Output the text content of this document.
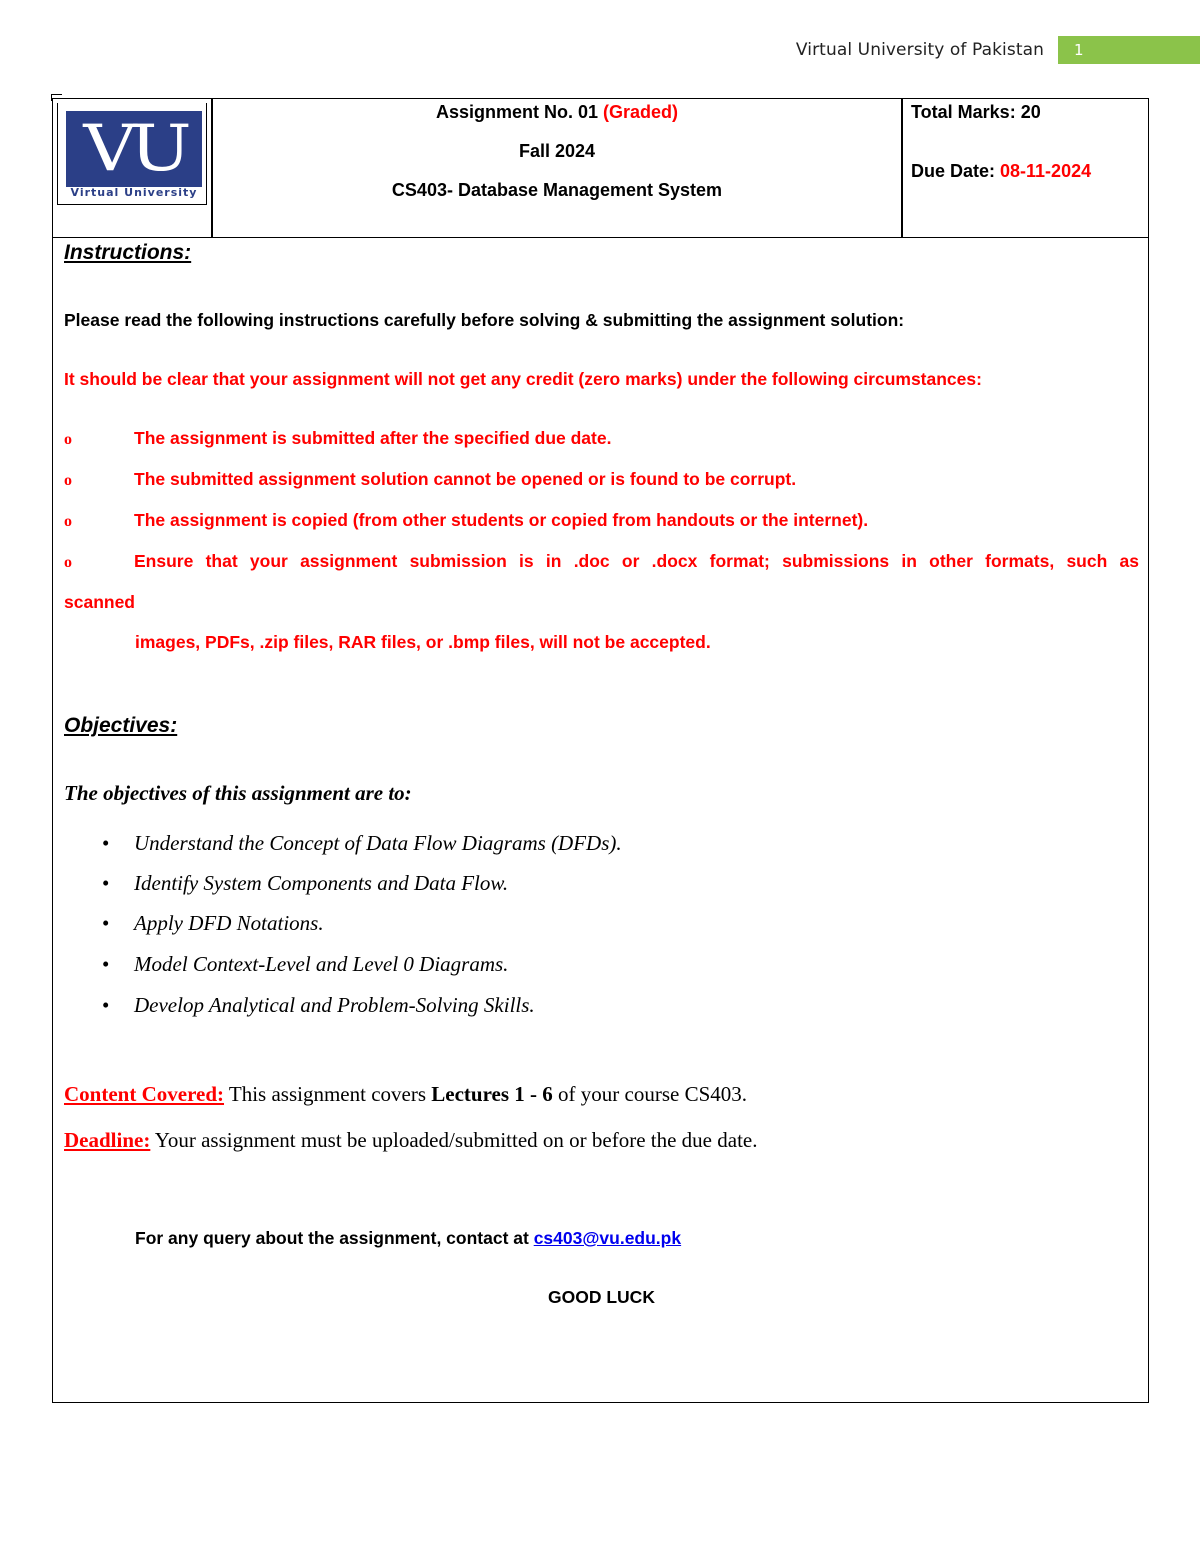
Virtual University of Pakistan	1
VU
Virtual University
Assignment No. 01 (Graded)
Fall 2024
CS403- Database Management System
Total Marks: 20
Due Date: 08-11-2024
Instructions:
Please read the following instructions carefully before solving & submitting the assignment solution:
It should be clear that your assignment will not get any credit (zero marks) under the following circumstances:
o	The assignment is submitted after the specified due date.
o	The submitted assignment solution cannot be opened or is found to be corrupt.
o	The assignment is copied (from other students or copied from handouts or the internet).
o	Ensure that your assignment submission is in .doc or .docx format; submissions in other formats, such as
scanned
images, PDFs, .zip files, RAR files, or .bmp files, will not be accepted.
Objectives:
The objectives of this assignment are to:
• Understand the Concept of Data Flow Diagrams (DFDs).
• Identify System Components and Data Flow.
• Apply DFD Notations.
• Model Context-Level and Level 0 Diagrams.
• Develop Analytical and Problem-Solving Skills.
Content Covered: This assignment covers Lectures 1 - 6 of your course CS403.
Deadline: Your assignment must be uploaded/submitted on or before the due date.
For any query about the assignment, contact at cs403@vu.edu.pk
GOOD LUCK
